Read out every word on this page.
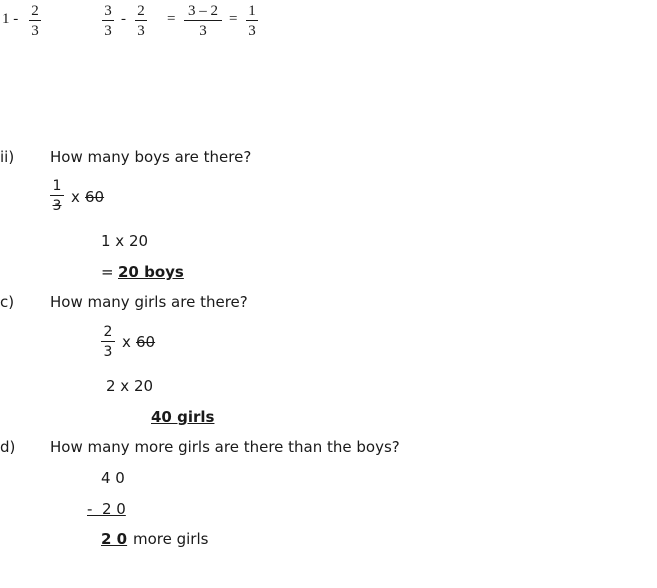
1 - 2
3
3
3
- 2
3
= 3 – 2
3
= 1
3
ii) How many boys are there?
1
3 x 60
1 x 20
= 20 boys
c) How many girls are there?
2
3
x 60
2 x 20
40 girls
d) How many more girls are there than the boys?
4 0
-  2 0
2 0 more girls
